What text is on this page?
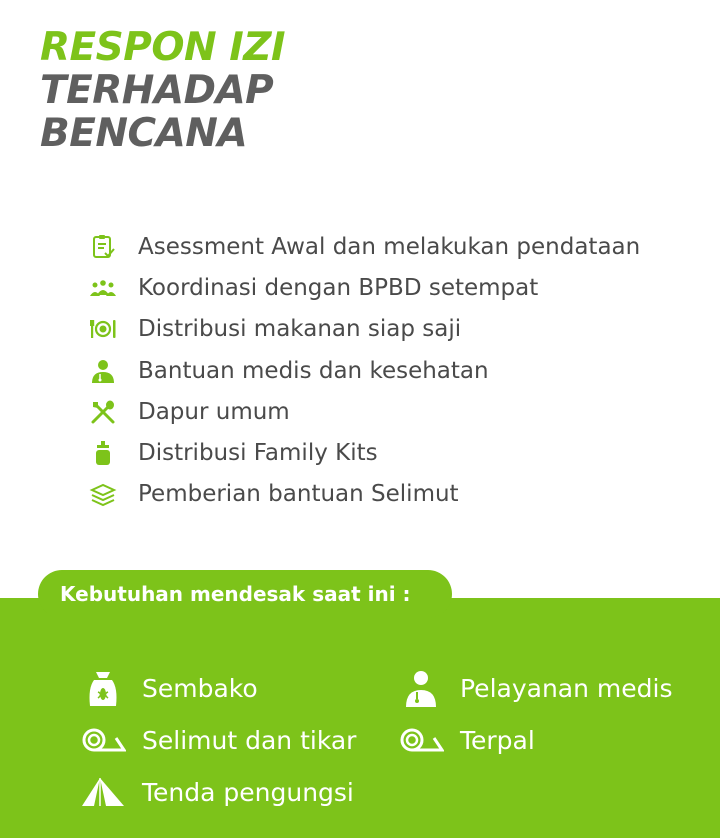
RESPON IZI
TERHADAP
BENCANA
Asessment Awal dan melakukan pendataan
Koordinasi dengan BPBD setempat
Distribusi makanan siap saji
Bantuan medis dan kesehatan
Dapur umum
Distribusi Family Kits
Pemberian bantuan Selimut
Kebutuhan mendesak saat ini :
Sembako	Pelayanan medis
Selimut dan tikar	Terpal
Tenda pengungsi
